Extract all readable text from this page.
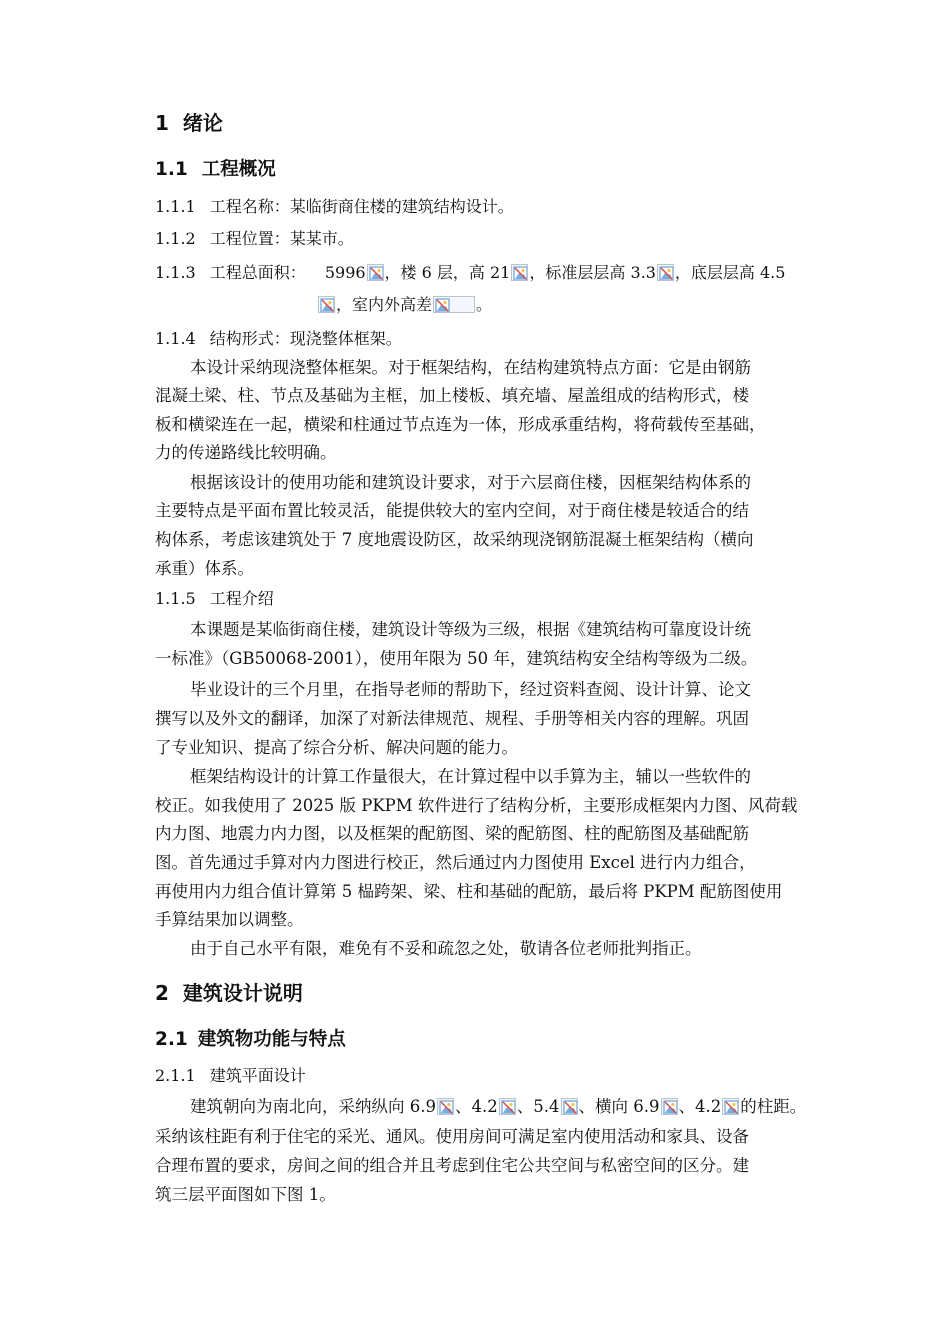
1 绪论
1.1 工程概况
1.1.1 工程名称：某临街商住楼的建筑结构设计。
1.1.2 工程位置：某某市。
1.1.3 工程总面积： 5996 ，楼 6 层，高 21 ，标准层层高 3.3 ，底层层高 4.5
，室内外高差	。
1.1.4 结构形式：现浇整体框架。
本设计采纳现浇整体框架。对于框架结构，在结构建筑特点方面：它是由钢筋
混凝土梁、柱、节点及基础为主框，加上楼板、填充墙、屋盖组成的结构形式，楼
板和横梁连在一起，横梁和柱通过节点连为一体，形成承重结构，将荷载传至基础，
力的传递路线比较明确。
根据该设计的使用功能和建筑设计要求，对于六层商住楼，因框架结构体系的
主要特点是平面布置比较灵活，能提供较大的室内空间，对于商住楼是较适合的结
构体系，考虑该建筑处于 7 度地震设防区，故采纳现浇钢筋混凝土框架结构（横向
承重）体系。
1.1.5 工程介绍
本课题是某临街商住楼，建筑设计等级为三级，根据《建筑结构可靠度设计统
一标准》（GB50068-2001），使用年限为 50 年，建筑结构安全结构等级为二级。
毕业设计的三个月里，在指导老师的帮助下，经过资料查阅、设计计算、论文
撰写以及外文的翻译，加深了对新法律规范、规程、手册等相关内容的理解。巩固
了专业知识、提高了综合分析、解决问题的能力。
框架结构设计的计算工作量很大，在计算过程中以手算为主，辅以一些软件的
校正。如我使用了 2025 版 PKPM 软件进行了结构分析，主要形成框架内力图、风荷载
内力图、地震力内力图，以及框架的配筋图、梁的配筋图、柱的配筋图及基础配筋
图。首先通过手算对内力图进行校正，然后通过内力图使用 Excel 进行内力组合，
再使用内力组合值计算第 5 榀跨架、梁、柱和基础的配筋，最后将 PKPM 配筋图使用
手算结果加以调整。
由于自己水平有限，难免有不妥和疏忽之处，敬请各位老师批判指正。
2 建筑设计说明
2.1 建筑物功能与特点
2.1.1 建筑平面设计
建筑朝向为南北向，采纳纵向 6.9 、4.2 、5.4 、横向 6.9 、4.2 的柱距。
采纳该柱距有利于住宅的采光、通风。使用房间可满足室内使用活动和家具、设备
合理布置的要求，房间之间的组合并且考虑到住宅公共空间与私密空间的区分。建
筑三层平面图如下图 1。
